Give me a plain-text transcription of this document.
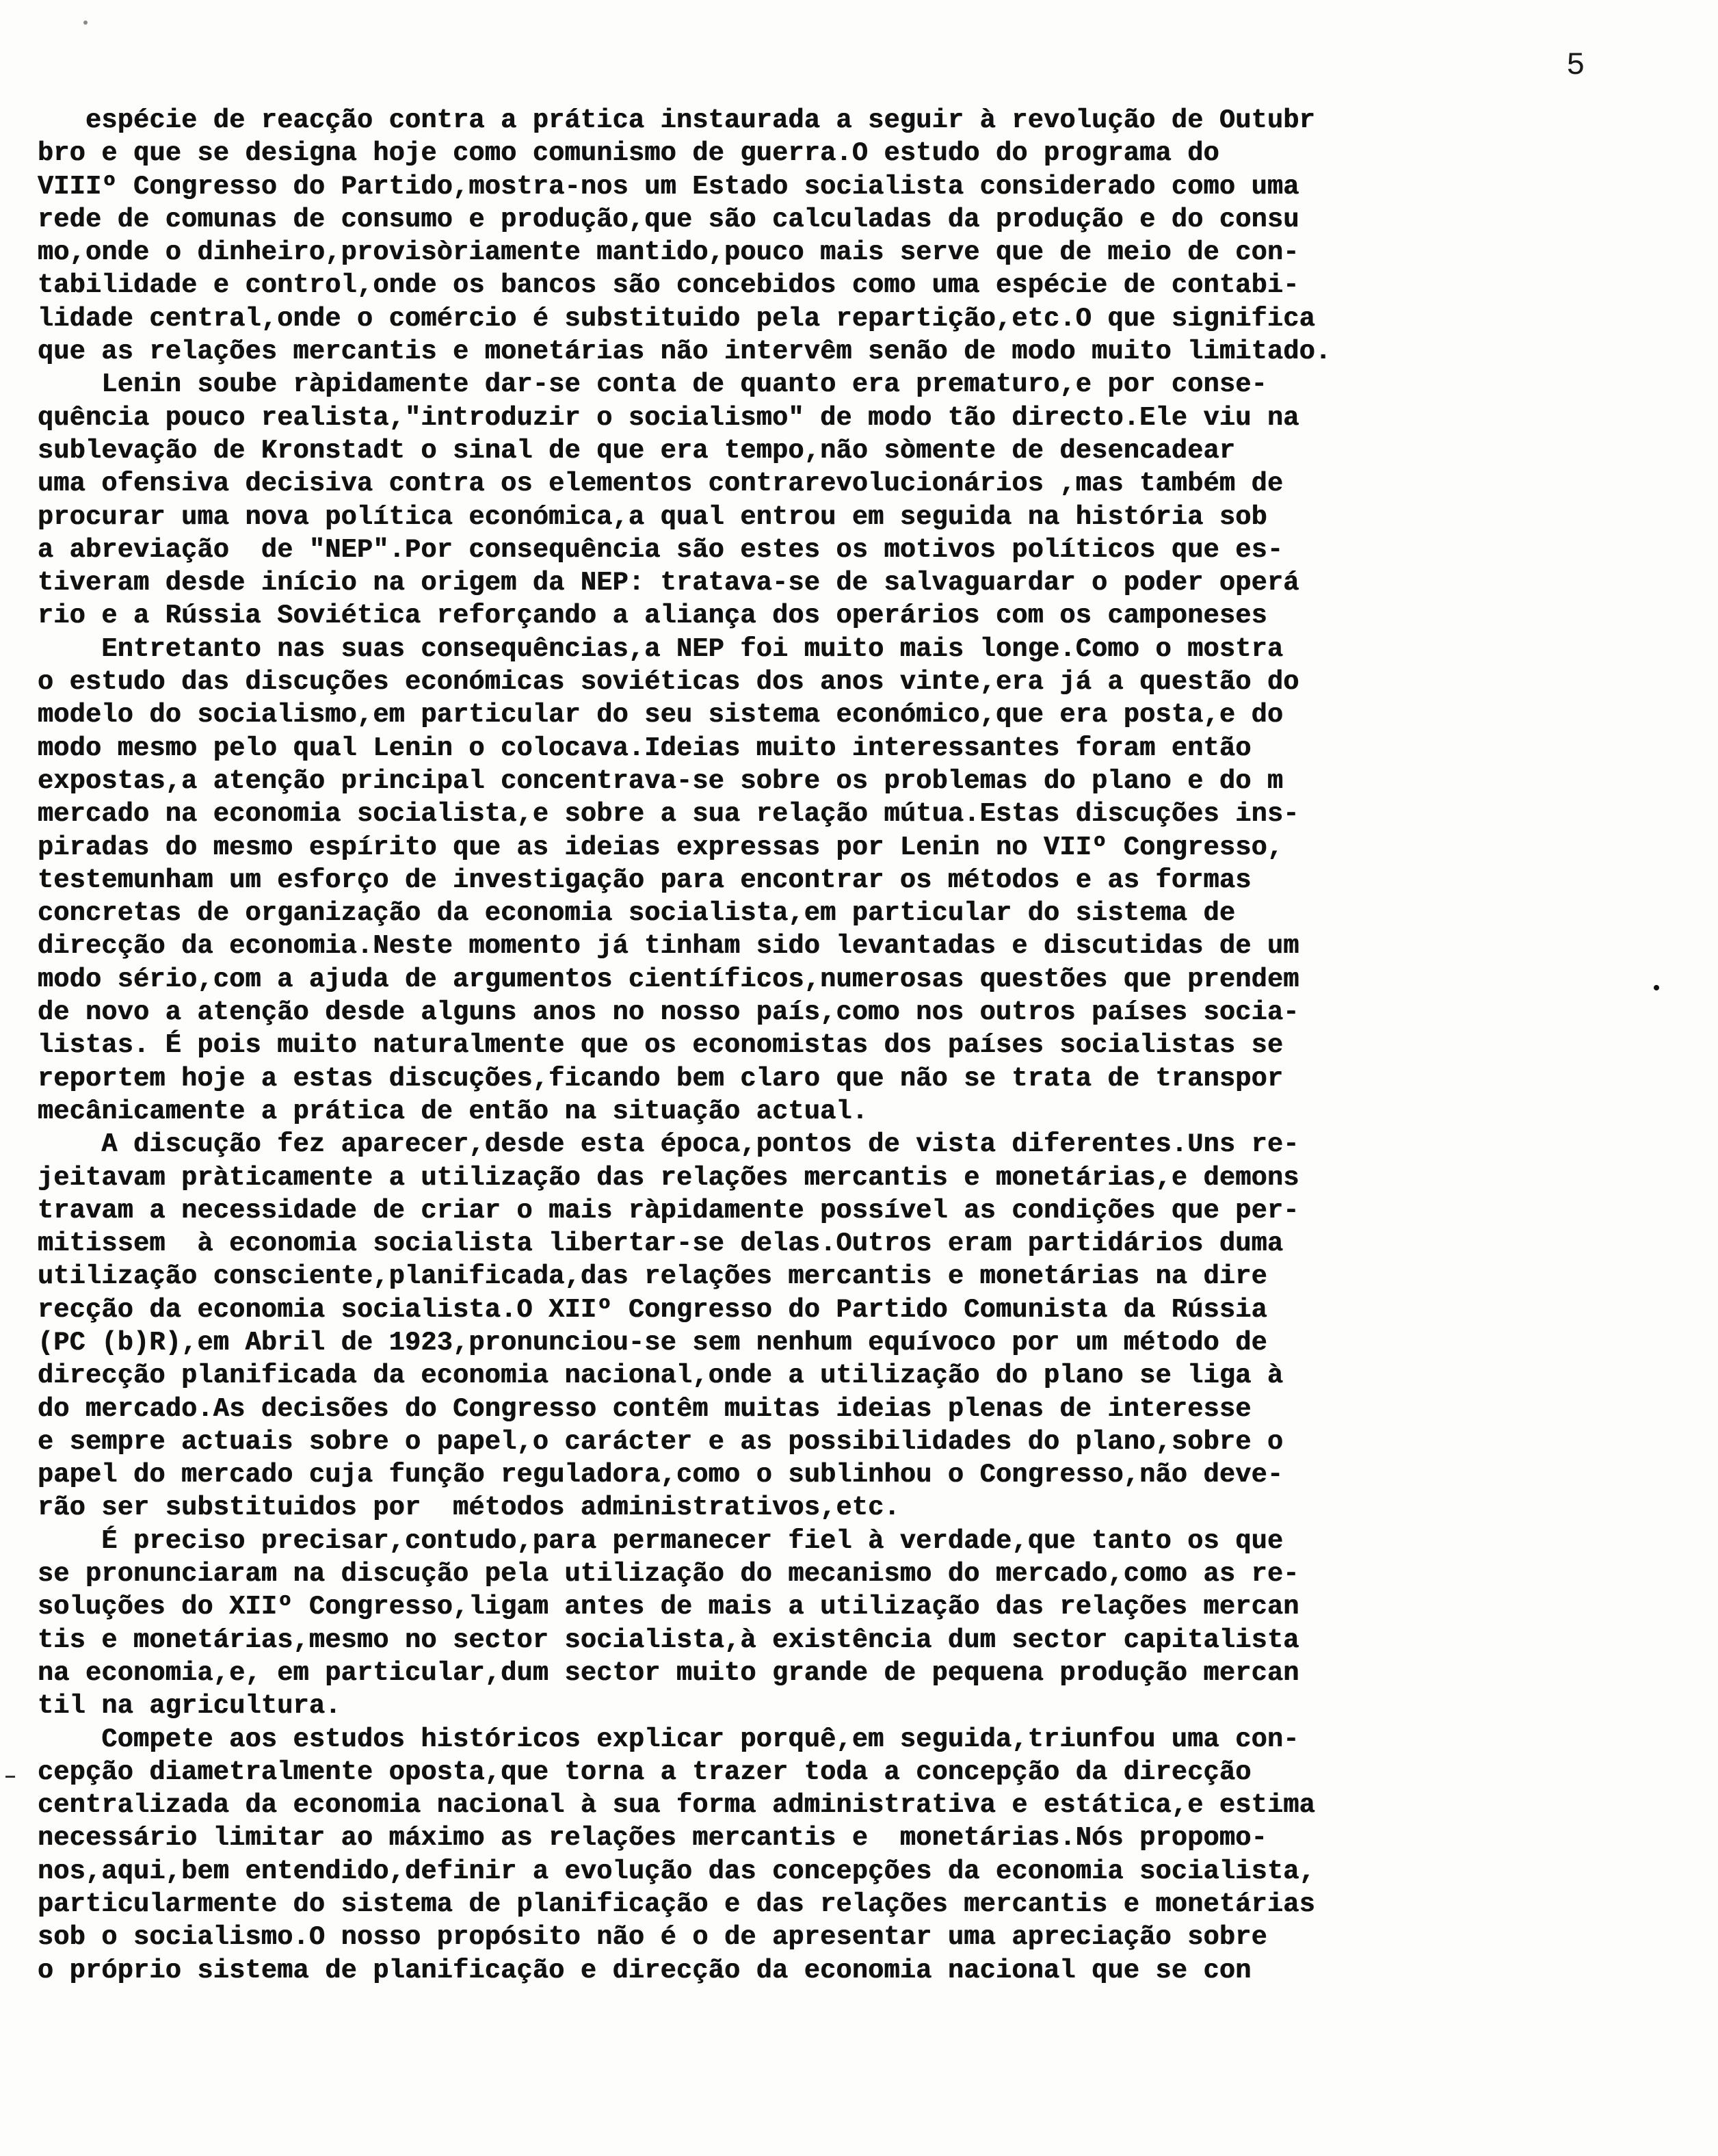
5
espécie de reacção contra a prática instaurada a seguir à revolução de Outubr
bro e que se designa hoje como comunismo de guerra.O estudo do programa do
VIIIº Congresso do Partido,mostra-nos um Estado socialista considerado como uma
rede de comunas de consumo e produção,que são calculadas da produção e do consu
mo,onde o dinheiro,provisòriamente mantido,pouco mais serve que de meio de con-
tabilidade e control,onde os bancos são concebidos como uma espécie de contabi-
lidade central,onde o comércio é substituido pela repartição,etc.O que significa
que as relações mercantis e monetárias não intervêm senão de modo muito limitado.
Lenin soube ràpidamente dar-se conta de quanto era prematuro,e por conse-
quência pouco realista,"introduzir o socialismo" de modo tão directo.Ele viu na
sublevação de Kronstadt o sinal de que era tempo,não sòmente de desencadear
uma ofensiva decisiva contra os elementos contrarevolucionários ,mas também de
procurar uma nova política económica,a qual entrou em seguida na história sob
a abreviação  de "NEP".Por consequência são estes os motivos políticos que es-
tiveram desde início na origem da NEP: tratava-se de salvaguardar o poder operá
rio e a Rússia Soviética reforçando a aliança dos operários com os camponeses
Entretanto nas suas consequências,a NEP foi muito mais longe.Como o mostra
o estudo das discuções económicas soviéticas dos anos vinte,era já a questão do
modelo do socialismo,em particular do seu sistema económico,que era posta,e do
modo mesmo pelo qual Lenin o colocava.Ideias muito interessantes foram então
expostas,a atenção principal concentrava-se sobre os problemas do plano e do m
mercado na economia socialista,e sobre a sua relação mútua.Estas discuções ins-
piradas do mesmo espírito que as ideias expressas por Lenin no VIIº Congresso,
testemunham um esforço de investigação para encontrar os métodos e as formas
concretas de organização da economia socialista,em particular do sistema de
direcção da economia.Neste momento já tinham sido levantadas e discutidas de um
modo sério,com a ajuda de argumentos científicos,numerosas questões que prendem
de novo a atenção desde alguns anos no nosso país,como nos outros países socia-
listas. É pois muito naturalmente que os economistas dos países socialistas se
reportem hoje a estas discuções,ficando bem claro que não se trata de transpor
mecânicamente a prática de então na situação actual.
A discução fez aparecer,desde esta época,pontos de vista diferentes.Uns re-
jeitavam pràticamente a utilização das relações mercantis e monetárias,e demons
travam a necessidade de criar o mais ràpidamente possível as condições que per-
mitissem  à economia socialista libertar-se delas.Outros eram partidários duma
utilização consciente,planificada,das relações mercantis e monetárias na dire
recção da economia socialista.O XIIº Congresso do Partido Comunista da Rússia
(PC (b)R),em Abril de 1923,pronunciou-se sem nenhum equívoco por um método de
direcção planificada da economia nacional,onde a utilização do plano se liga à
do mercado.As decisões do Congresso contêm muitas ideias plenas de interesse
e sempre actuais sobre o papel,o carácter e as possibilidades do plano,sobre o
papel do mercado cuja função reguladora,como o sublinhou o Congresso,não deve-
rão ser substituidos por  métodos administrativos,etc.
É preciso precisar,contudo,para permanecer fiel à verdade,que tanto os que
se pronunciaram na discução pela utilização do mecanismo do mercado,como as re-
soluções do XIIº Congresso,ligam antes de mais a utilização das relações mercan
tis e monetárias,mesmo no sector socialista,à existência dum sector capitalista
na economia,e, em particular,dum sector muito grande de pequena produção mercan
til na agricultura.
Compete aos estudos históricos explicar porquê,em seguida,triunfou uma con-
cepção diametralmente oposta,que torna a trazer toda a concepção da direcção
centralizada da economia nacional à sua forma administrativa e estática,e estima
necessário limitar ao máximo as relações mercantis e  monetárias.Nós propomo-
nos,aqui,bem entendido,definir a evolução das concepções da economia socialista,
particularmente do sistema de planificação e das relações mercantis e monetárias
sob o socialismo.O nosso propósito não é o de apresentar uma apreciação sobre
o próprio sistema de planificação e direcção da economia nacional que se con
